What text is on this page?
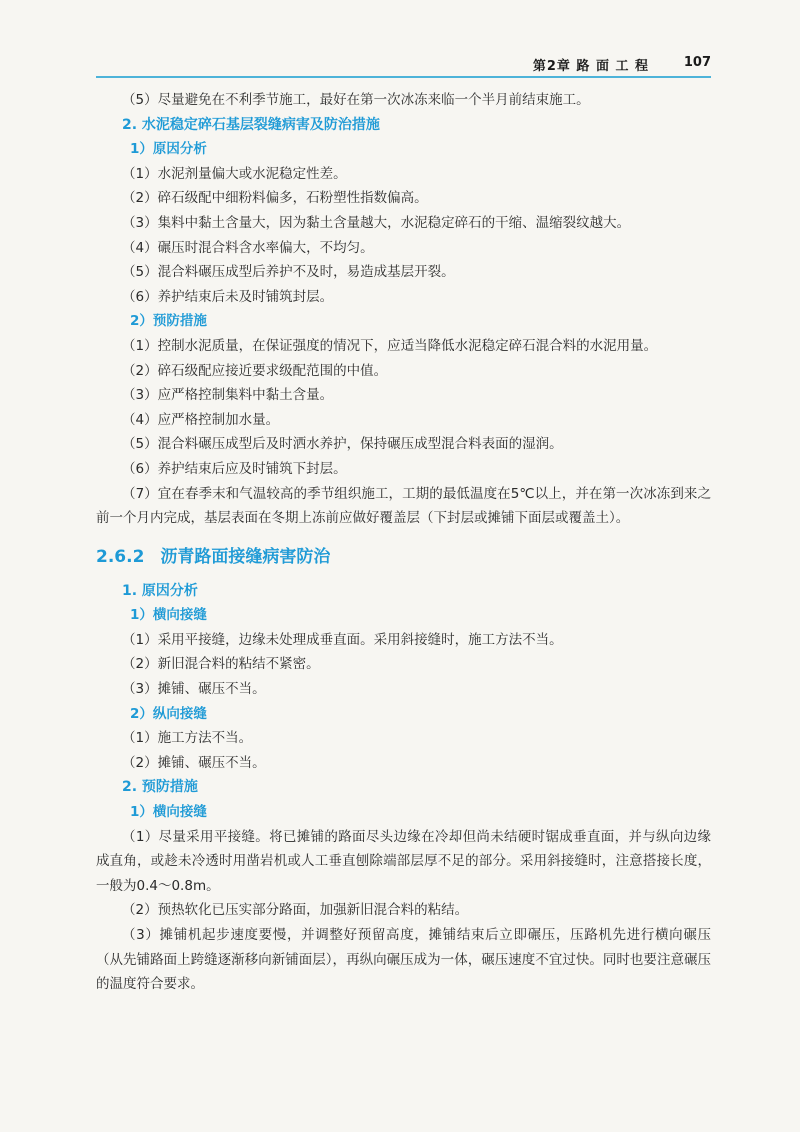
第2章 路 面 工 程	107
（5）尽量避免在不利季节施工，最好在第一次冰冻来临一个半月前结束施工。
2. 水泥稳定碎石基层裂缝病害及防治措施
1）原因分析
（1）水泥剂量偏大或水泥稳定性差。
（2）碎石级配中细粉料偏多，石粉塑性指数偏高。
（3）集料中黏土含量大，因为黏土含量越大，水泥稳定碎石的干缩、温缩裂纹越大。
（4）碾压时混合料含水率偏大，不均匀。
（5）混合料碾压成型后养护不及时，易造成基层开裂。
（6）养护结束后未及时铺筑封层。
2）预防措施
（1）控制水泥质量，在保证强度的情况下，应适当降低水泥稳定碎石混合料的水泥用量。
（2）碎石级配应接近要求级配范围的中值。
（3）应严格控制集料中黏土含量。
（4）应严格控制加水量。
（5）混合料碾压成型后及时洒水养护，保持碾压成型混合料表面的湿润。
（6）养护结束后应及时铺筑下封层。
（7）宜在春季末和气温较高的季节组织施工，工期的最低温度在5℃以上，并在第一次冰冻到来之前一个月内完成，基层表面在冬期上冻前应做好覆盖层（下封层或摊铺下面层或覆盖土）。
2.6.2 沥青路面接缝病害防治
1. 原因分析
1）横向接缝
（1）采用平接缝，边缘未处理成垂直面。采用斜接缝时，施工方法不当。
（2）新旧混合料的粘结不紧密。
（3）摊铺、碾压不当。
2）纵向接缝
（1）施工方法不当。
（2）摊铺、碾压不当。
2. 预防措施
1）横向接缝
（1）尽量采用平接缝。将已摊铺的路面尽头边缘在冷却但尚未结硬时锯成垂直面，并与纵向边缘成直角，或趁未冷透时用凿岩机或人工垂直刨除端部层厚不足的部分。采用斜接缝时，注意搭接长度，一般为0.4～0.8m。
（2）预热软化已压实部分路面，加强新旧混合料的粘结。
（3）摊铺机起步速度要慢，并调整好预留高度，摊铺结束后立即碾压，压路机先进行横向碾压（从先铺路面上跨缝逐渐移向新铺面层），再纵向碾压成为一体，碾压速度不宜过快。同时也要注意碾压的温度符合要求。
